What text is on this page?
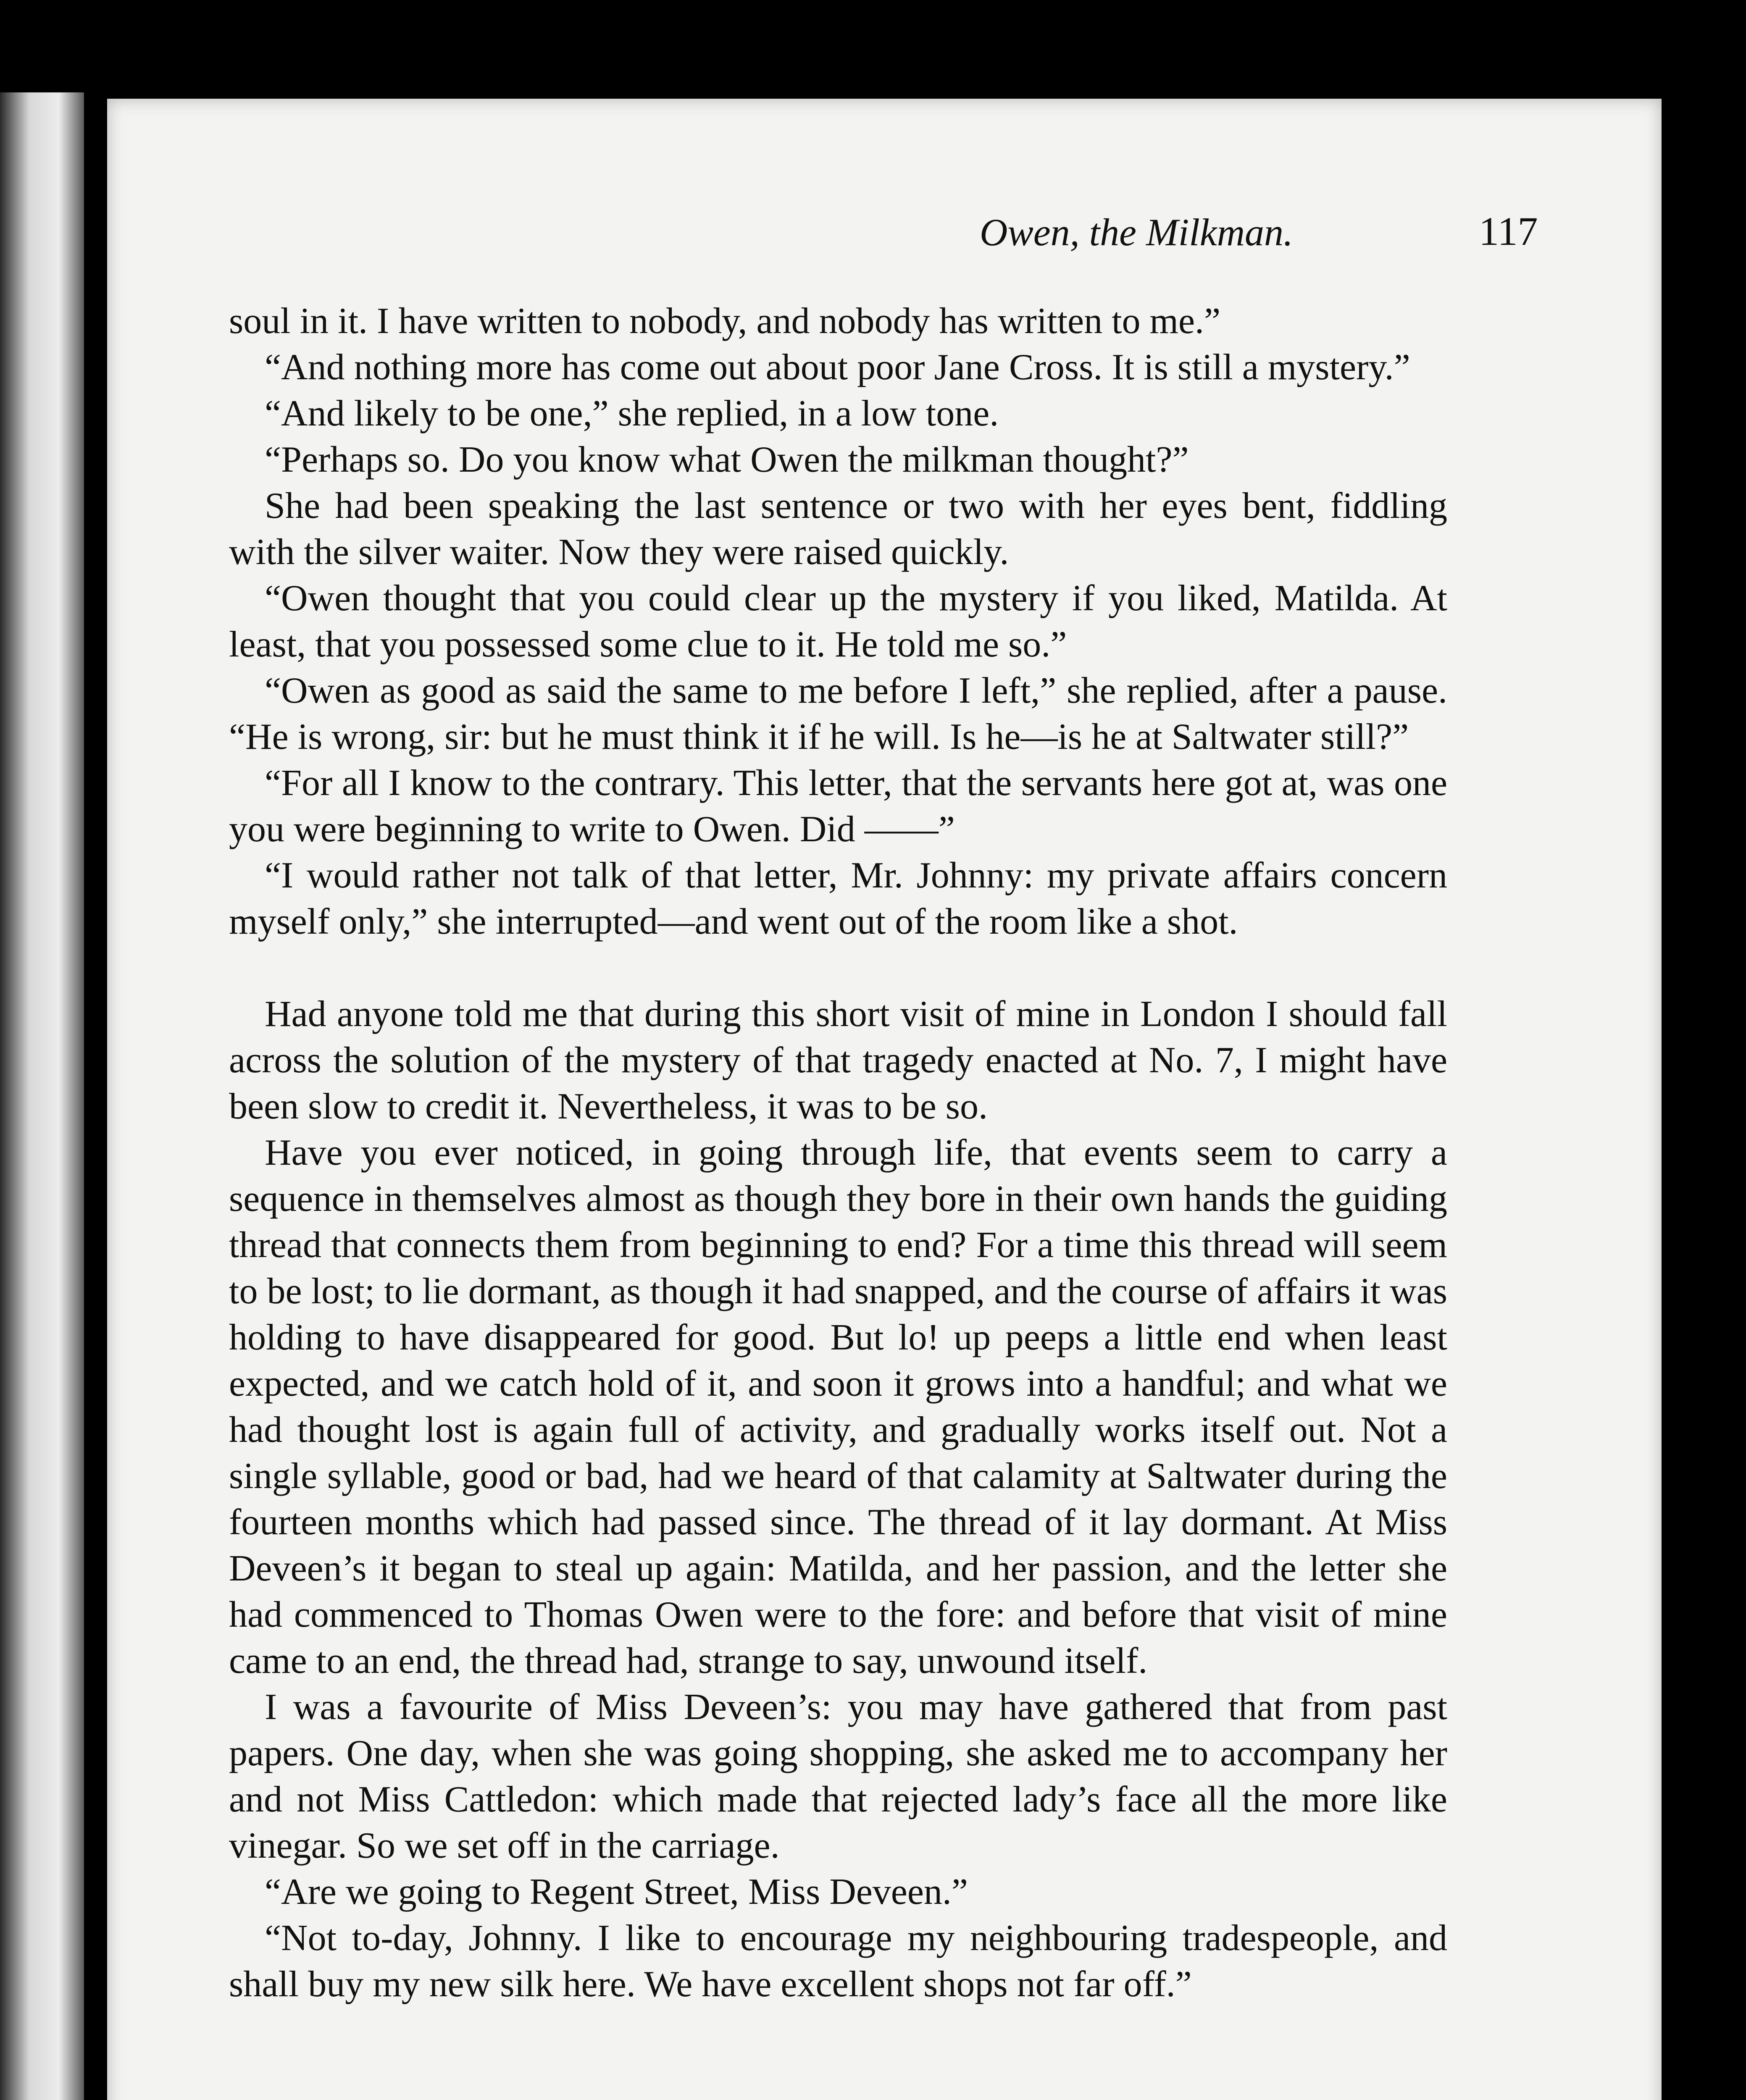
Owen, the Milkman.	117

soul in it. I have written to nobody, and nobody has written to me.”

“And nothing more has come out about poor Jane Cross. It is still a mystery.”

“And likely to be one,” she replied, in a low tone.

“Perhaps so. Do you know what Owen the milkman thought?”

She had been speaking the last sentence or two with her eyes bent, fiddling with the silver waiter. Now they were raised quickly.

“Owen thought that you could clear up the mystery if you liked, Matilda. At least, that you possessed some clue to it. He told me so.”

“Owen as good as said the same to me before I left,” she replied, after a pause. “He is wrong, sir: but he must think it if he will. Is he—is he at Saltwater still?”

“For all I know to the contrary. This letter, that the servants here got at, was one you were beginning to write to Owen. Did ——”

“I would rather not talk of that letter, Mr. Johnny: my private affairs concern myself only,” she interrupted—and went out of the room like a shot.

Had anyone told me that during this short visit of mine in London I should fall across the solution of the mystery of that tragedy enacted at No. 7, I might have been slow to credit it. Nevertheless, it was to be so.

Have you ever noticed, in going through life, that events seem to carry a sequence in themselves almost as though they bore in their own hands the guiding thread that connects them from beginning to end? For a time this thread will seem to be lost; to lie dormant, as though it had snapped, and the course of affairs it was holding to have disappeared for good. But lo! up peeps a little end when least expected, and we catch hold of it, and soon it grows into a handful; and what we had thought lost is again full of activity, and gradually works itself out. Not a single syllable, good or bad, had we heard of that calamity at Saltwater during the fourteen months which had passed since. The thread of it lay dormant. At Miss Deveen’s it began to steal up again: Matilda, and her passion, and the letter she had commenced to Thomas Owen were to the fore: and before that visit of mine came to an end, the thread had, strange to say, unwound itself.

I was a favourite of Miss Deveen’s: you may have gathered that from past papers. One day, when she was going shopping, she asked me to accompany her and not Miss Cattledon: which made that rejected lady’s face all the more like vinegar. So we set off in the carriage.

“Are we going to Regent Street, Miss Deveen.”

“Not to-day, Johnny. I like to encourage my neighbouring tradespeople, and shall buy my new silk here. We have excellent shops not far off.”
